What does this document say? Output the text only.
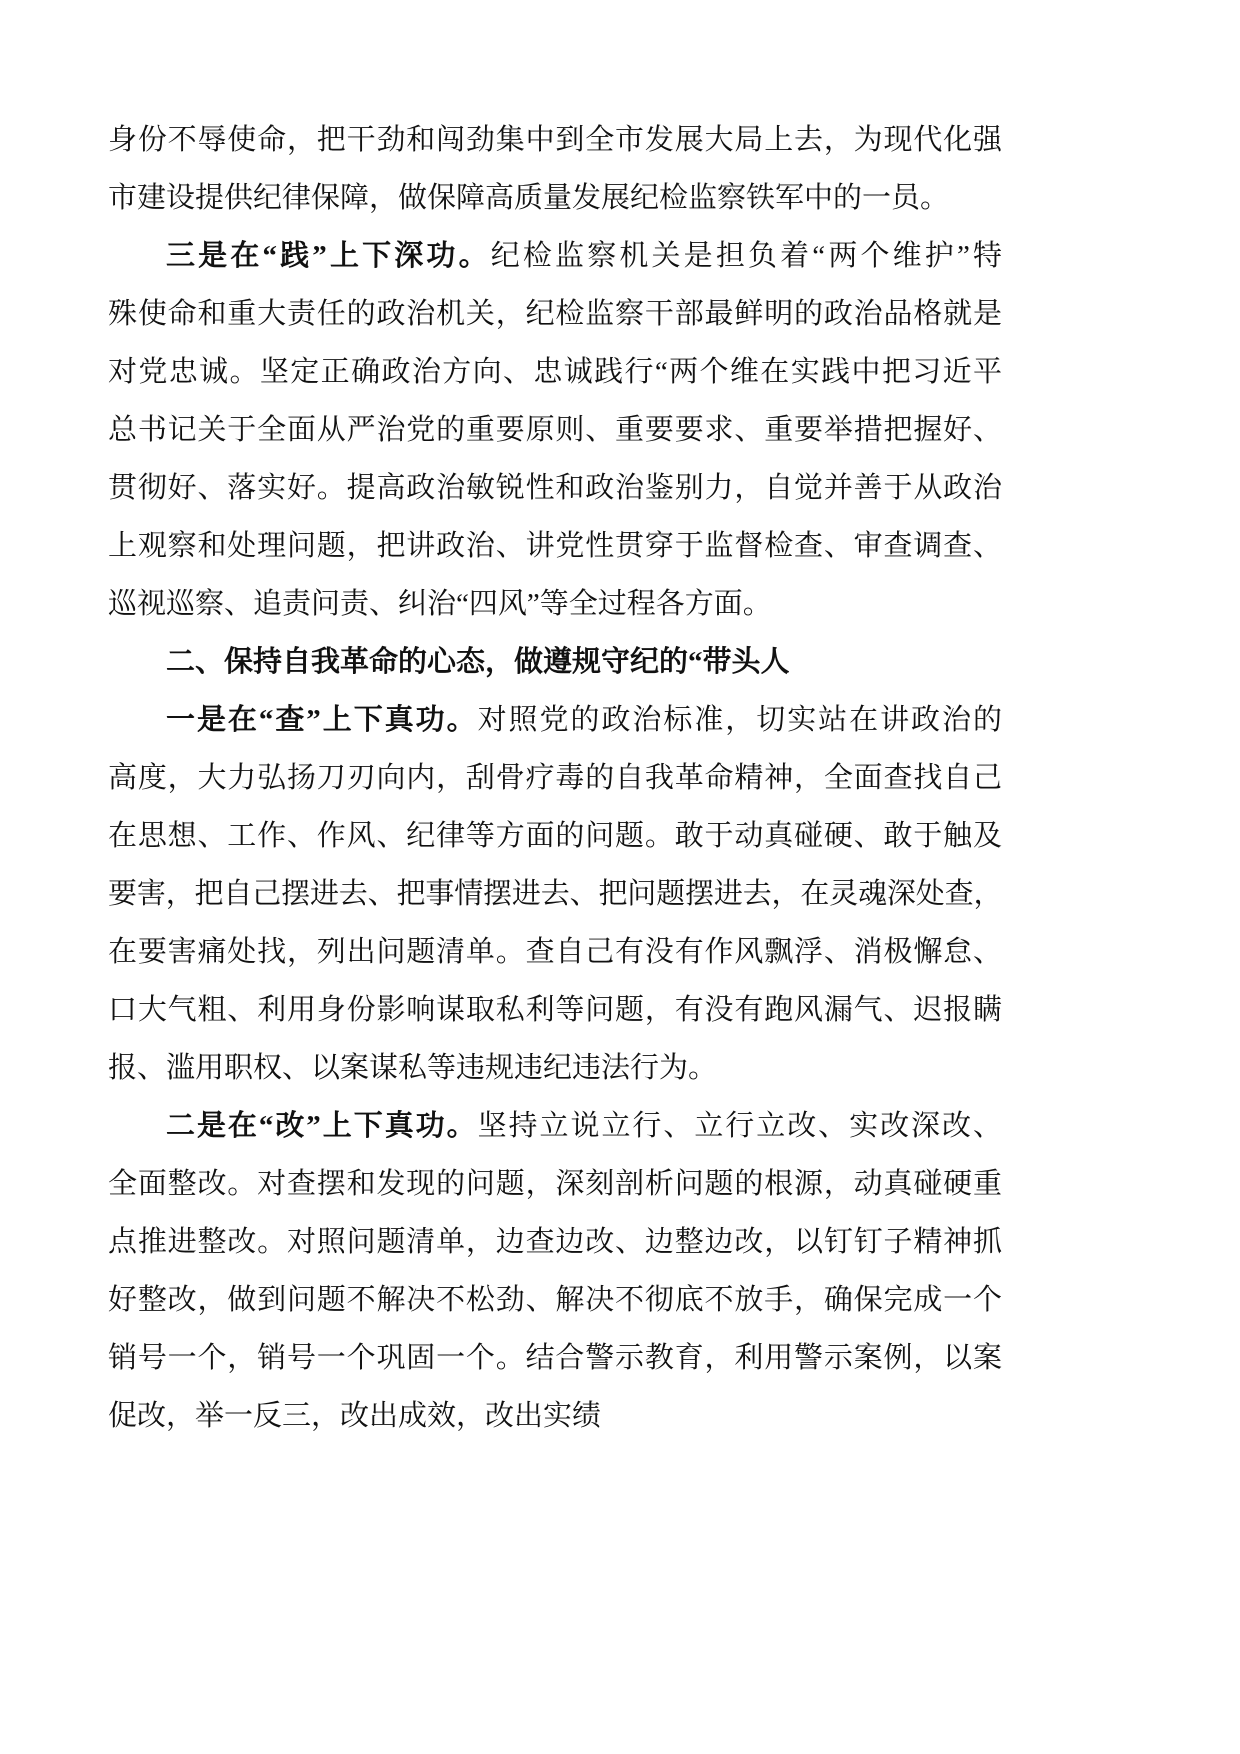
身份不辱使命，把干劲和闯劲集中到全市发展大局上去，为现代化强
市建设提供纪律保障，做保障高质量发展纪检监察铁军中的一员。
三是在“践”上下深功。纪检监察机关是担负着“两个维护”特
殊使命和重大责任的政治机关，纪检监察干部最鲜明的政治品格就是
对党忠诚。坚定正确政治方向、忠诚践行“两个维在实践中把习近平
总书记关于全面从严治党的重要原则、重要要求、重要举措把握好、
贯彻好、落实好。提高政治敏锐性和政治鉴别力，自觉并善于从政治
上观察和处理问题，把讲政治、讲党性贯穿于监督检查、审查调查、
巡视巡察、追责问责、纠治“四风”等全过程各方面。
二、保持自我革命的心态，做遵规守纪的“带头人
一是在“查”上下真功。对照党的政治标准，切实站在讲政治的
高度，大力弘扬刀刃向内，刮骨疗毒的自我革命精神，全面查找自己
在思想、工作、作风、纪律等方面的问题。敢于动真碰硬、敢于触及
要害，把自己摆进去、把事情摆进去、把问题摆进去，在灵魂深处查，
在要害痛处找，列出问题清单。查自己有没有作风飘浮、消极懈怠、
口大气粗、利用身份影响谋取私利等问题，有没有跑风漏气、迟报瞒
报、滥用职权、以案谋私等违规违纪违法行为。
二是在“改”上下真功。坚持立说立行、立行立改、实改深改、
全面整改。对查摆和发现的问题，深刻剖析问题的根源，动真碰硬重
点推进整改。对照问题清单，边查边改、边整边改，以钉钉子精神抓
好整改，做到问题不解决不松劲、解决不彻底不放手，确保完成一个
销号一个，销号一个巩固一个。结合警示教育，利用警示案例，以案
促改，举一反三，改出成效，改出实绩
